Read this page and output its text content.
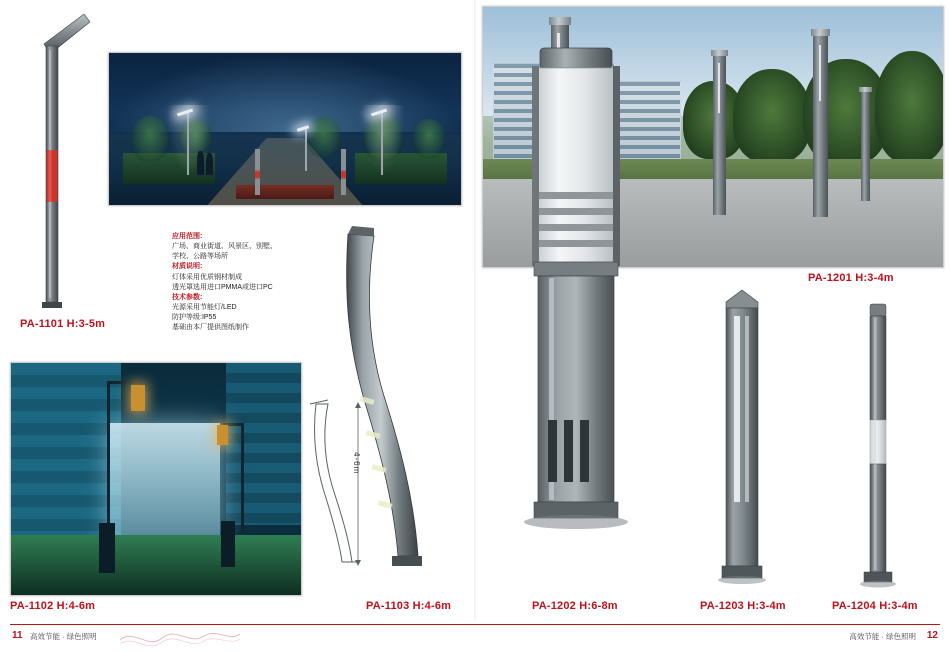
PA-1101 H:3-5m
应用范围:
广场、商业街道、风景区、别墅、
学校、公路等场所
材质说明:
灯体采用优质钢材制成
透光罩选用进口PMMA或进口PC
技术参数:
光源采用节能灯/LED
防护等级:IP55
基础由本厂提供图纸制作
PA-1102 H:4-6m	PA-1103 H:4-6m
4-6m
PA-1201 H:3-4m
PA-1202 H:6-8m	PA-1203 H:3-4m	PA-1204 H:3-4m
11 高效节能 · 绿色照明	高效节能 · 绿色照明 12
